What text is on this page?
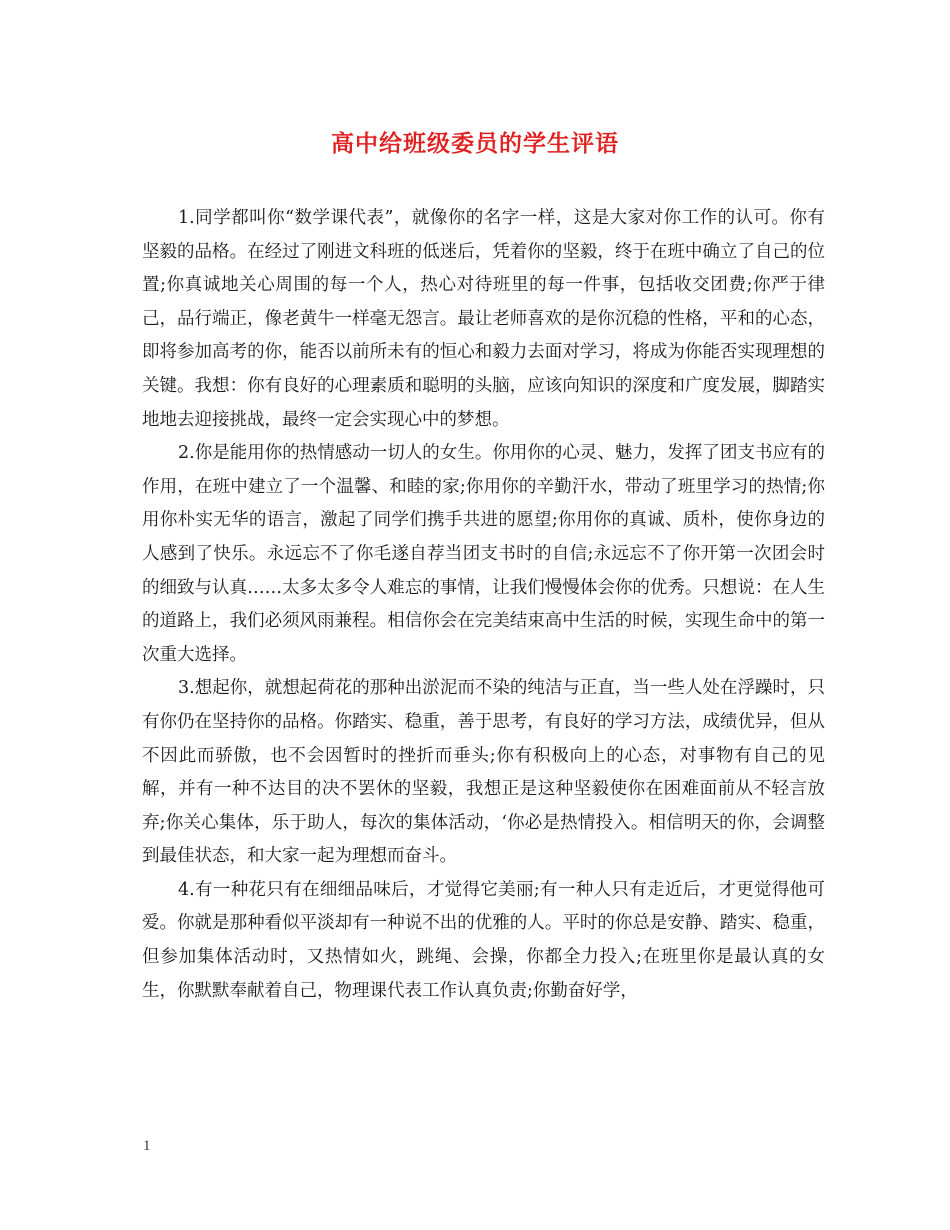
高中给班级委员的学生评语

1.同学都叫你“数学课代表”，就像你的名字一样，这是大家对你工作的认可。你有坚毅的品格。在经过了刚进文科班的低迷后，凭着你的坚毅，终于在班中确立了自己的位置;你真诚地关心周围的每一个人，热心对待班里的每一件事，包括收交团费;你严于律己，品行端正，像老黄牛一样毫无怨言。最让老师喜欢的是你沉稳的性格，平和的心态，即将参加高考的你，能否以前所未有的恒心和毅力去面对学习，将成为你能否实现理想的关键。我想：你有良好的心理素质和聪明的头脑，应该向知识的深度和广度发展，脚踏实地地去迎接挑战，最终一定会实现心中的梦想。

2.你是能用你的热情感动一切人的女生。你用你的心灵、魅力，发挥了团支书应有的作用，在班中建立了一个温馨、和睦的家;你用你的辛勤汗水，带动了班里学习的热情;你用你朴实无华的语言，激起了同学们携手共进的愿望;你用你的真诚、质朴，使你身边的人感到了快乐。永远忘不了你毛遂自荐当团支书时的自信;永远忘不了你开第一次团会时的细致与认真……太多太多令人难忘的事情，让我们慢慢体会你的优秀。只想说：在人生的道路上，我们必须风雨兼程。相信你会在完美结束高中生活的时候，实现生命中的第一次重大选择。

3.想起你，就想起荷花的那种出淤泥而不染的纯洁与正直，当一些人处在浮躁时，只有你仍在坚持你的品格。你踏实、稳重，善于思考，有良好的学习方法，成绩优异，但从不因此而骄傲，也不会因暂时的挫折而垂头;你有积极向上的心态，对事物有自己的见解，并有一种不达目的决不罢休的坚毅，我想正是这种坚毅使你在困难面前从不轻言放弃;你关心集体，乐于助人，每次的集体活动，‘你必是热情投入。相信明天的你，会调整到最佳状态，和大家一起为理想而奋斗。

4.有一种花只有在细细品味后，才觉得它美丽;有一种人只有走近后，才更觉得他可爱。你就是那种看似平淡却有一种说不出的优雅的人。平时的你总是安静、踏实、稳重，但参加集体活动时，又热情如火，跳绳、会操，你都全力投入;在班里你是最认真的女生，你默默奉献着自己，物理课代表工作认真负责;你勤奋好学，

1
